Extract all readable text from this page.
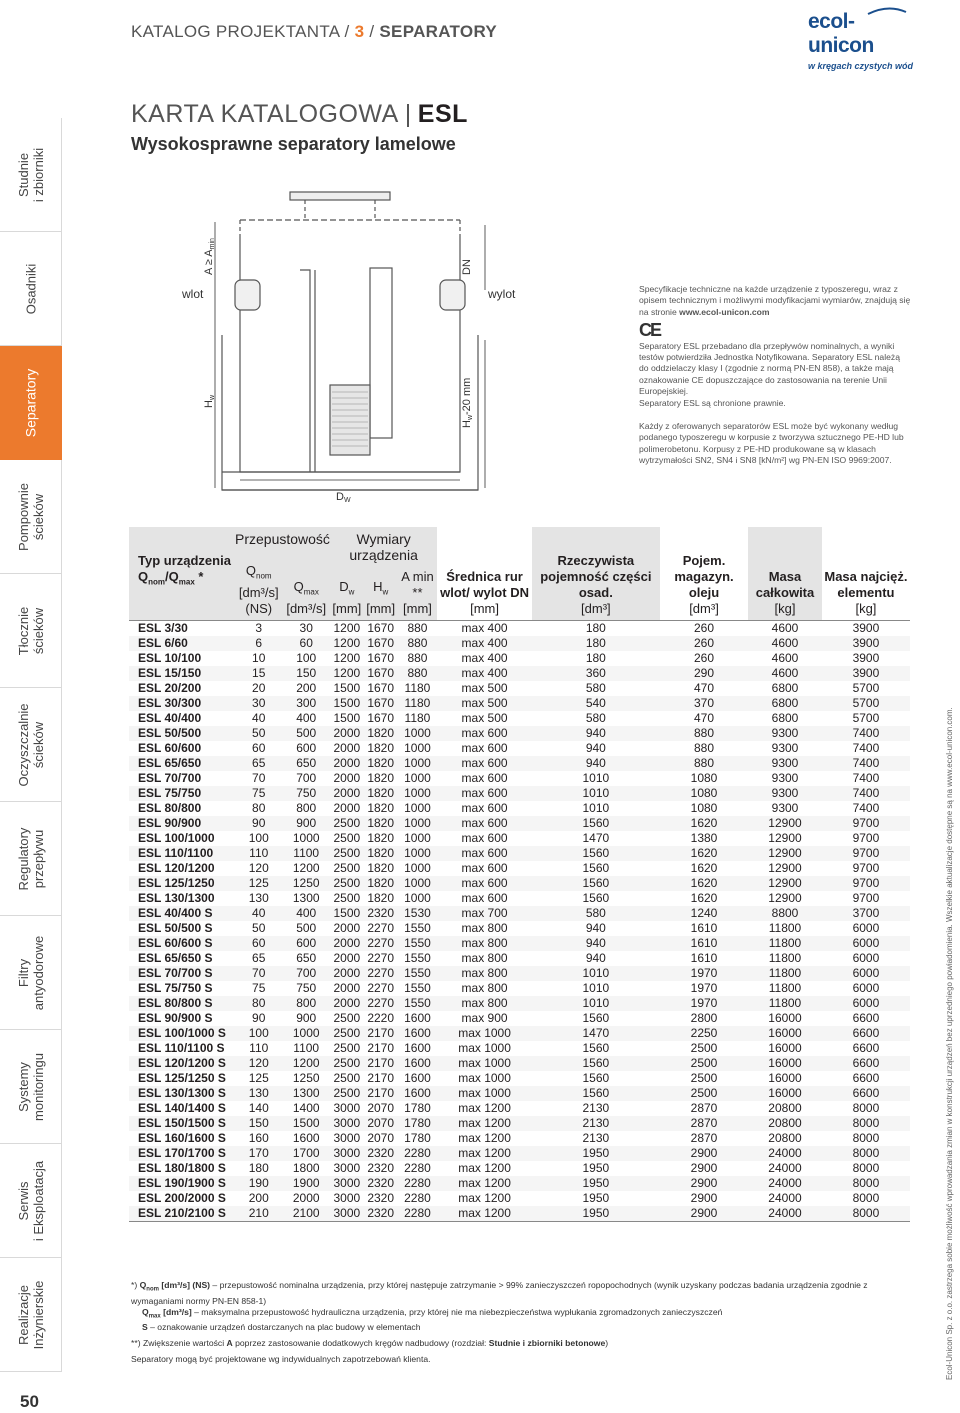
KATALOG PROJEKTANTA / 3 / SEPARATORY	ecol-unicon
w kręgach czystych wód
KARTA KATALOGOWA | ESL
Wysokosprawne separatory lamelowe
Studnie
i zbiorniki
Osadniki
Separatory
Pompownie
ścieków
Tłocznie
ścieków
Oczyszczalnie
ścieków
Regulatory
przepływu
Filtry
antyodorowe
Systemy
monitoringu
Serwis
i Eksploatacja
Realizacje
Inżynierskie
50
wlot	wylot
A ≥ Amin
Hw
DN
Hw-20 mm
DW

Specyfikacje techniczne na każde urządzenie z typoszeregu, wraz z opisem technicznym i możliwymi modyfikacjami wymiarów, znajdują się na stronie www.ecol-unicon.com

CE

Separatory ESL przebadano dla przepływów nominalnych, a wyniki testów potwierdziła Jednostka Notyfikowana. Separatory ESL należą do oddzielaczy klasy I (zgodnie z normą PN-EN 858), a także mają oznakowanie CE dopuszczające do zastosowania na terenie Unii Europejskiej.
Separatory ESL są chronione prawnie.

Każdy z oferowanych separatorów ESL może być wykonany według podanego typoszeregu w korpusie z tworzywa sztucznego PE-HD lub polimerobetonu. Korpusy z PE-HD produkowane są w klasach wytrzymałości SN2, SN4 i SN8 [kN/m²] wg PN-EN ISO 9969:2007.

Typ urządzenia
$Q_{nom}/Q_{max}$ *	Przepustowość		Wymiary urządzenia			Średnica rur wlot/ wylot DN
[mm]	Rzeczywista pojemność części osad.
[dm³]	Pojem. magazyn. oleju
[dm³]	Masa całkowita
[kg]	Masa najcięż. elementu
[kg]
	$Q_{nom}$
[dm³/s]
(NS)	$Q_{max}$
[dm³/s]	$D_w$
[mm]	$H_w$
[mm]	A min **
[mm]					
ESL 3/30	3	30	1200	1670	880	max 400	180	260	4600	3900
ESL 6/60	6	60	1200	1670	880	max 400	180	260	4600	3900
ESL 10/100	10	100	1200	1670	880	max 400	180	260	4600	3900
ESL 15/150	15	150	1200	1670	880	max 400	360	290	4600	3900
ESL 20/200	20	200	1500	1670	1180	max 500	580	470	6800	5700
ESL 30/300	30	300	1500	1670	1180	max 500	540	370	6800	5700
ESL 40/400	40	400	1500	1670	1180	max 500	580	470	6800	5700
ESL 50/500	50	500	2000	1820	1000	max 600	940	880	9300	7400
ESL 60/600	60	600	2000	1820	1000	max 600	940	880	9300	7400
ESL 65/650	65	650	2000	1820	1000	max 600	940	880	9300	7400
ESL 70/700	70	700	2000	1820	1000	max 600	1010	1080	9300	7400
ESL 75/750	75	750	2000	1820	1000	max 600	1010	1080	9300	7400
ESL 80/800	80	800	2000	1820	1000	max 600	1010	1080	9300	7400
ESL 90/900	90	900	2500	1820	1000	max 600	1560	1620	12900	9700
ESL 100/1000	100	1000	2500	1820	1000	max 600	1470	1380	12900	9700
ESL 110/1100	110	1100	2500	1820	1000	max 600	1560	1620	12900	9700
ESL 120/1200	120	1200	2500	1820	1000	max 600	1560	1620	12900	9700
ESL 125/1250	125	1250	2500	1820	1000	max 600	1560	1620	12900	9700
ESL 130/1300	130	1300	2500	1820	1000	max 600	1560	1620	12900	9700
ESL 40/400 S	40	400	1500	2320	1530	max 700	580	1240	8800	3700
ESL 50/500 S	50	500	2000	2270	1550	max 800	940	1610	11800	6000
ESL 60/600 S	60	600	2000	2270	1550	max 800	940	1610	11800	6000
ESL 65/650 S	65	650	2000	2270	1550	max 800	940	1610	11800	6000
ESL 70/700 S	70	700	2000	2270	1550	max 800	1010	1970	11800	6000
ESL 75/750 S	75	750	2000	2270	1550	max 800	1010	1970	11800	6000
ESL 80/800 S	80	800	2000	2270	1550	max 800	1010	1970	11800	6000
ESL 90/900 S	90	900	2500	2220	1600	max 900	1560	2800	16000	6600
ESL 100/1000 S	100	1000	2500	2170	1600	max 1000	1470	2250	16000	6600
ESL 110/1100 S	110	1100	2500	2170	1600	max 1000	1560	2500	16000	6600
ESL 120/1200 S	120	1200	2500	2170	1600	max 1000	1560	2500	16000	6600
ESL 125/1250 S	125	1250	2500	2170	1600	max 1000	1560	2500	16000	6600
ESL 130/1300 S	130	1300	2500	2170	1600	max 1000	1560	2500	16000	6600
ESL 140/1400 S	140	1400	3000	2070	1780	max 1200	2130	2870	20800	8000
ESL 150/1500 S	150	1500	3000	2070	1780	max 1200	2130	2870	20800	8000
ESL 160/1600 S	160	1600	3000	2070	1780	max 1200	2130	2870	20800	8000
ESL 170/1700 S	170	1700	3000	2320	2280	max 1200	1950	2900	24000	8000
ESL 180/1800 S	180	1800	3000	2320	2280	max 1200	1950	2900	24000	8000
ESL 190/1900 S	190	1900	3000	2320	2280	max 1200	1950	2900	24000	8000
ESL 200/2000 S	200	2000	3000	2320	2280	max 1200	1950	2900	24000	8000
ESL 210/2100 S	210	2100	3000	2320	2280	max 1200	1950	2900	24000	8000

*) $Q_{nom}$ [dm³/s] (NS) – przepustowość nominalna urządzenia, przy której następuje zatrzymanie > 99% zanieczyszczeń ropopochodnych (wynik uzyskany podczas badania urządzenia zgodnie z wymaganiami normy PN-EN 858-1)

$Q_{max}$ [dm³/s] – maksymalna przepustowość hydrauliczna urządzenia, przy której nie ma niebezpieczeństwa wypłukania zgromadzonych zanieczyszczeń

S – oznakowanie urządzeń dostarczanych na plac budowy w elementach

**) Zwiększenie wartości A poprzez zastosowanie dodatkowych kręgów nadbudowy (rozdział: Studnie i zbiorniki betonowe)

Separatory mogą być projektowane wg indywidualnych zapotrzebowań klienta.	Ecol-Unicon Sp. z o.o. zastrzega sobie możliwość wprowadzania zmian w konstrukcji urządzeń bez uprzedniego powiadomienia. Wszelkie aktualizacje dostępne są na www.ecol-unicon.com.
